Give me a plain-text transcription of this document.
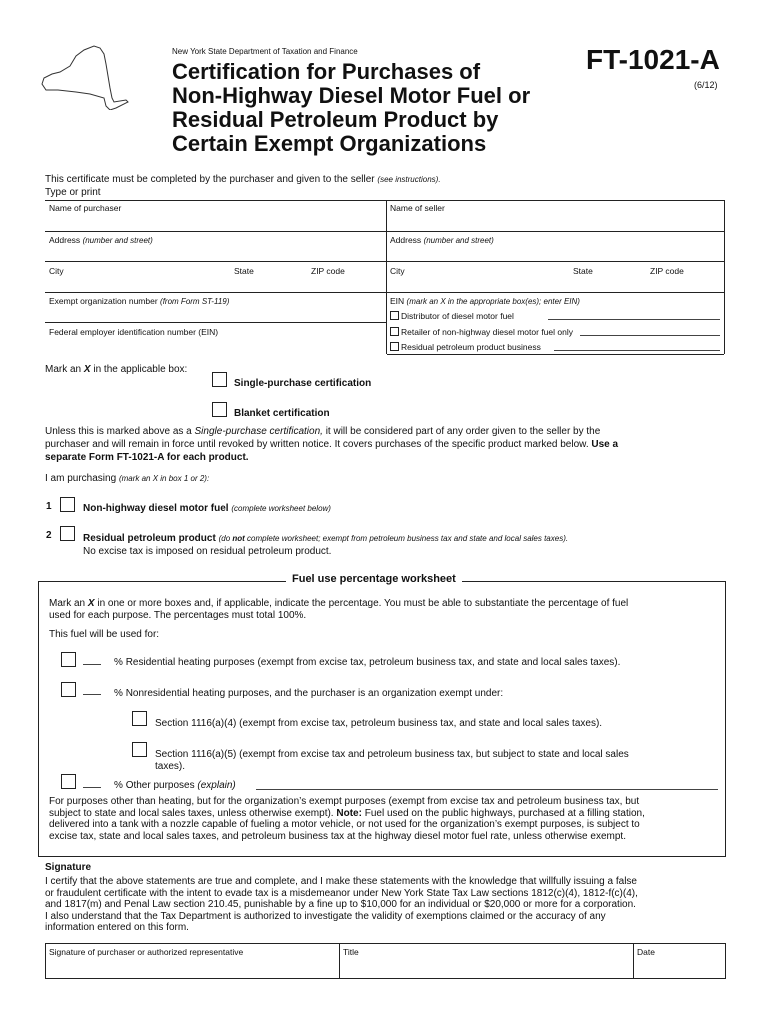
New York State Department of Taxation and Finance
Certification for Purchases of
Non-Highway Diesel Motor Fuel or
Residual Petroleum Product by
Certain Exempt Organizations
FT-1021-A
(6/12)
This certificate must be completed by the purchaser and given to the seller (see instructions).
Type or print
Name of purchaser	Name of seller
Address (number and street)	Address (number and street)
City	State	ZIP code	City	State	ZIP code
Exempt organization number (from Form ST-119)
Federal employer identification number (EIN)
EIN (mark an X in the appropriate box(es); enter EIN)
Distributor of diesel motor fuel
Retailer of non-highway diesel motor fuel only
Residual petroleum product business
Mark an X in the applicable box:
Single-purchase certification
Blanket certification
Unless this is marked above as a Single-purchase certification, it will be considered part of any order given to the seller by the
purchaser and will remain in force until revoked by written notice. It covers purchases of the specific product marked below. Use a
separate Form FT-1021-A for each product.
I am purchasing (mark an X in box 1 or 2):
1	Non-highway diesel motor fuel (complete worksheet below)
2	Residual petroleum product (do not complete worksheet; exempt from petroleum business tax and state and local sales taxes).
No excise tax is imposed on residual petroleum product.
Fuel use percentage worksheet
Mark an X in one or more boxes and, if applicable, indicate the percentage. You must be able to substantiate the percentage of fuel
used for each purpose. The percentages must total 100%.
This fuel will be used for:
% Residential heating purposes (exempt from excise tax, petroleum business tax, and state and local sales taxes).
% Nonresidential heating purposes, and the purchaser is an organization exempt under:
Section 1116(a)(4) (exempt from excise tax, petroleum business tax, and state and local sales taxes).
Section 1116(a)(5) (exempt from excise tax and petroleum business tax, but subject to state and local sales
taxes).
% Other purposes (explain)
For purposes other than heating, but for the organization’s exempt purposes (exempt from excise tax and petroleum business tax, but
subject to state and local sales taxes, unless otherwise exempt). Note: Fuel used on the public highways, purchased at a filling station,
delivered into a tank with a nozzle capable of fueling a motor vehicle, or not used for the organization’s exempt purposes, is subject to
excise tax, state and local sales taxes, and petroleum business tax at the highway diesel motor fuel rate, unless otherwise exempt.
Signature
I certify that the above statements are true and complete, and I make these statements with the knowledge that willfully issuing a false
or fraudulent certificate with the intent to evade tax is a misdemeanor under New York State Tax Law sections 1812(c)(4), 1812-f(c)(4),
and 1817(m) and Penal Law section 210.45, punishable by a fine up to $10,000 for an individual or $20,000 or more for a corporation.
I also understand that the Tax Department is authorized to investigate the validity of exemptions claimed or the accuracy of any
information entered on this form.
Signature of purchaser or authorized representative	Title	Date
